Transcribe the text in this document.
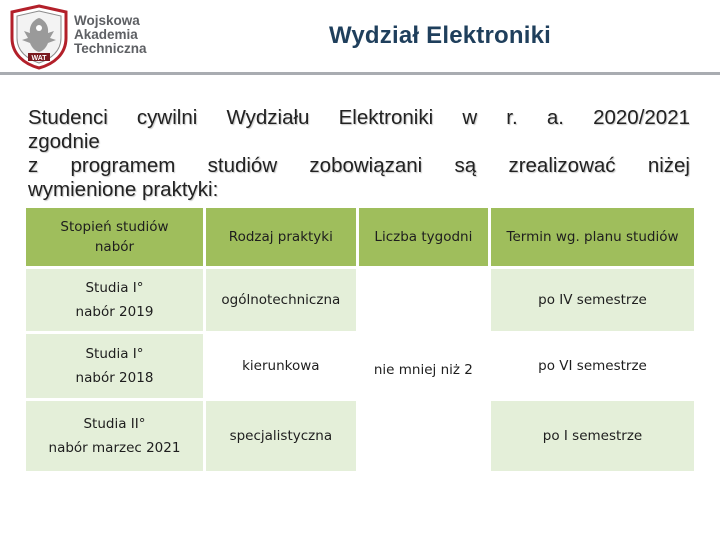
WAT
Wojskowa
Akademia
Techniczna	Wydział Elektroniki
Studenci cywilni Wydziału Elektroniki w r. a. 2020/2021
zgodnie
z programem studiów zobowiązani są zrealizować niżej
wymienione praktyki:
Stopień studiów
nabór	Rodzaj praktyki	Liczba tygodni	Termin wg. planu studiów

Studia I°
nabór 2019	ogólnotechniczna	nie mniej niż 2	po IV semestrze

Studia I°
nabór 2018	kierunkowa		po VI semestrze

Studia II°
nabór marzec 2021	specjalistyczna		po I semestrze
